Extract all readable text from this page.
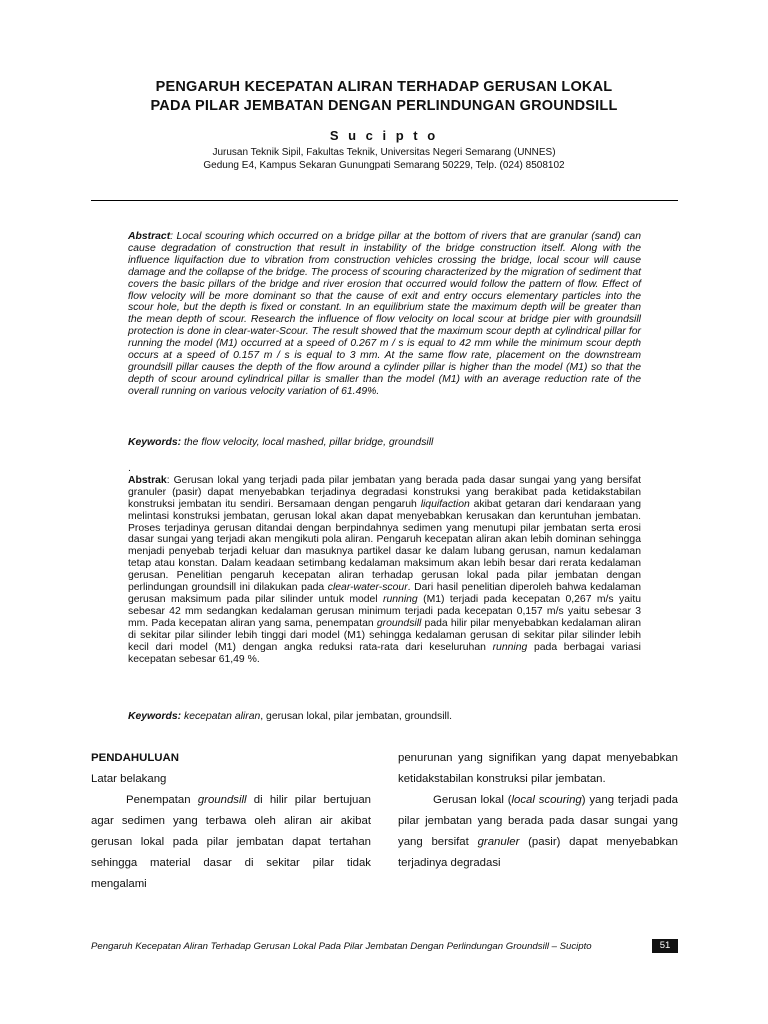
PENGARUH KECEPATAN ALIRAN TERHADAP GERUSAN LOKAL
PADA PILAR JEMBATAN DENGAN PERLINDUNGAN GROUNDSILL
S u c i p t o
Jurusan Teknik Sipil, Fakultas Teknik, Universitas Negeri Semarang (UNNES)
Gedung E4, Kampus Sekaran Gunungpati Semarang 50229, Telp. (024) 8508102
Abstract: Local scouring which occurred on a bridge pillar at the bottom of rivers that are granular (sand) can cause degradation of construction that result in instability of the bridge construction itself. Along with the influence liquifaction due to vibration from construction vehicles crossing the bridge, local scour will cause damage and the collapse of the bridge. The process of scouring characterized by the migration of sediment that covers the basic pillars of the bridge and river erosion that occurred would follow the pattern of flow. Effect of flow velocity will be more dominant so that the cause of exit and entry occurs elementary particles into the scour hole, but the depth is fixed or constant. In an equilibrium state the maximum depth will be greater than the mean depth of scour. Research the influence of flow velocity on local scour at bridge pier with groundsill protection is done in clear-water-Scour. The result showed that the maximum scour depth at cylindrical pillar for running the model (M1) occurred at a speed of 0.267 m / s is equal to 42 mm while the minimum scour depth occurs at a speed of 0.157 m / s is equal to 3 mm. At the same flow rate, placement on the downstream groundsill pillar causes the depth of the flow around a cylinder pillar is higher than the model (M1) so that the depth of scour around cylindrical pillar is smaller than the model (M1) with an average reduction rate of the overall running on various velocity variation of 61.49%.
Keywords: the flow velocity, local mashed, pillar bridge, groundsill
.
Abstrak: Gerusan lokal yang terjadi pada pilar jembatan yang berada pada dasar sungai yang yang bersifat granuler (pasir) dapat menyebabkan terjadinya degradasi konstruksi yang berakibat pada ketidakstabilan konstruksi jembatan itu sendiri. Bersamaan dengan pengaruh liquifaction akibat getaran dari kendaraan yang melintasi konstruksi jembatan, gerusan lokal akan dapat menyebabkan kerusakan dan keruntuhan jembatan. Proses terjadinya gerusan ditandai dengan berpindahnya sedimen yang menutupi pilar jembatan serta erosi dasar sungai yang terjadi akan mengikuti pola aliran. Pengaruh kecepatan aliran akan lebih dominan sehingga menjadi penyebab terjadi keluar dan masuknya partikel dasar ke dalam lubang gerusan, namun kedalaman tetap atau konstan. Dalam keadaan setimbang kedalaman maksimum akan lebih besar dari rerata kedalaman gerusan. Penelitian pengaruh kecepatan aliran terhadap gerusan lokal pada pilar jembatan dengan perlindungan groundsill ini dilakukan pada clear-water-scour. Dari hasil penelitian diperoleh bahwa kedalaman gerusan maksimum pada pilar silinder untuk model running (M1) terjadi pada kecepatan 0,267 m/s yaitu sebesar 42 mm sedangkan kedalaman gerusan minimum terjadi pada kecepatan 0,157 m/s yaitu sebesar 3 mm. Pada kecepatan aliran yang sama, penempatan groundsill pada hilir pilar menyebabkan kedalaman aliran di sekitar pilar silinder lebih tinggi dari model (M1) sehingga kedalaman gerusan di sekitar pilar silinder lebih kecil dari model (M1) dengan angka reduksi rata-rata dari keseluruhan running pada berbagai variasi kecepatan sebesar 61,49 %.
Keywords: kecepatan aliran, gerusan lokal, pilar jembatan, groundsill.
PENDAHULUAN
Latar belakang
Penempatan groundsill di hilir pilar bertujuan agar sedimen yang terbawa oleh aliran air akibat gerusan lokal pada pilar jembatan dapat tertahan sehingga material dasar di sekitar pilar tidak mengalami
penurunan yang signifikan yang dapat menyebabkan ketidakstabilan konstruksi pilar jembatan.
Gerusan lokal (local scouring) yang terjadi pada pilar jembatan yang berada pada dasar sungai yang yang bersifat granuler (pasir) dapat menyebabkan terjadinya degradasi
Pengaruh Kecepatan Aliran Terhadap Gerusan Lokal Pada Pilar Jembatan Dengan Perlindungan Groundsill – Sucipto	51
